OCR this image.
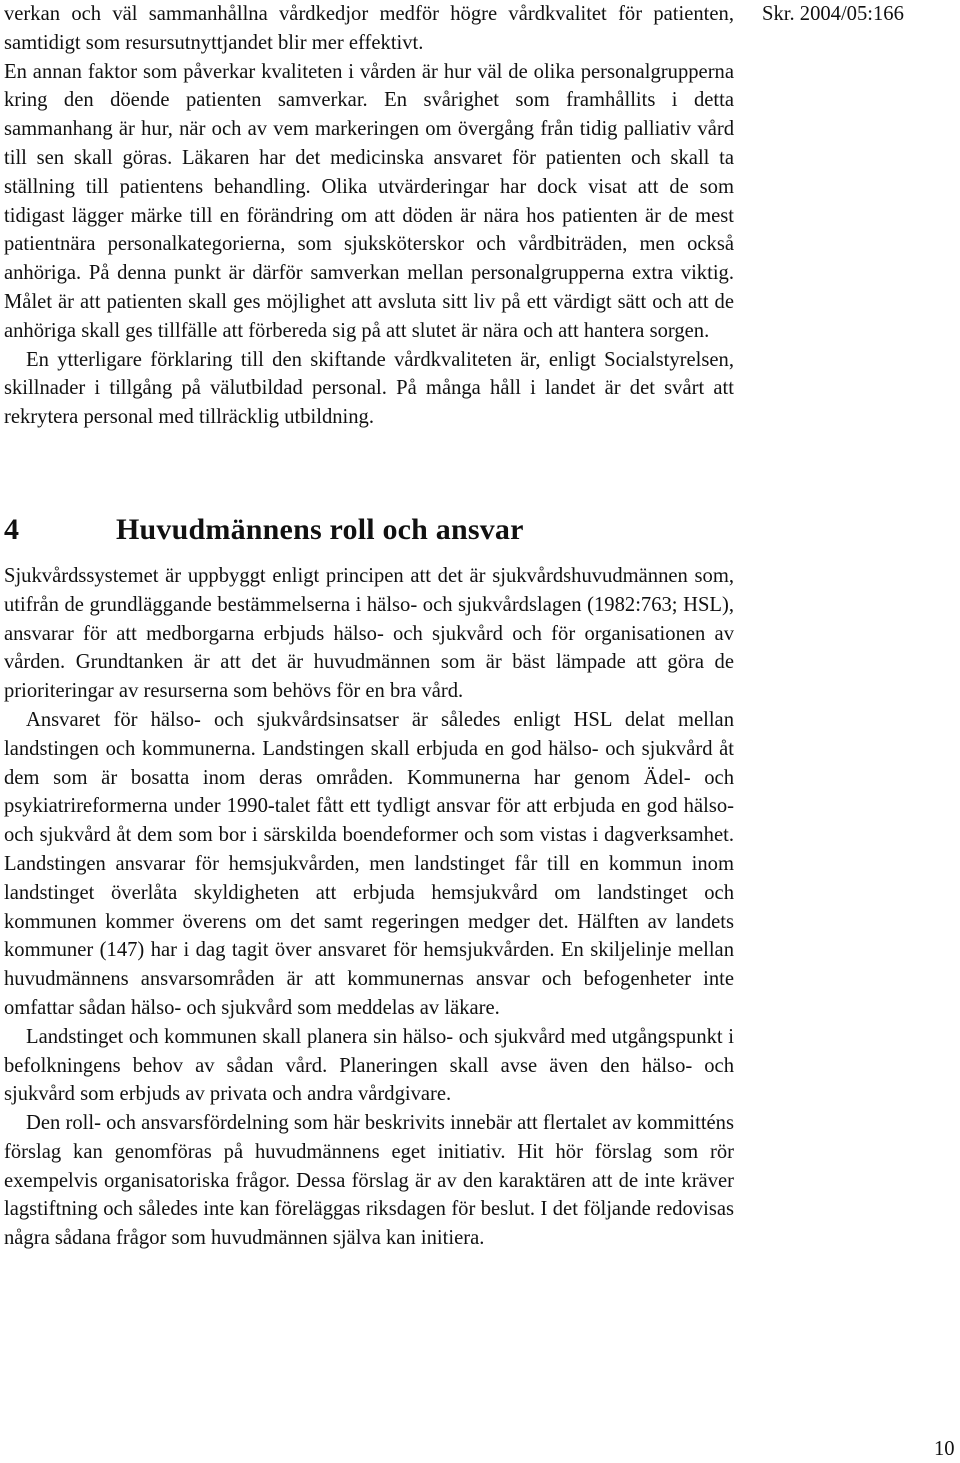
Skr. 2004/05:166

verkan och väl sammanhållna vårdkedjor medför högre vårdkvalitet för patienten, samtidigt som resursutnyttjandet blir mer effektivt.

En annan faktor som påverkar kvaliteten i vården är hur väl de olika personalgrupperna kring den döende patienten samverkar. En svårighet som framhållits i detta sammanhang är hur, när och av vem markeringen om övergång från tidig palliativ vård till sen skall göras. Läkaren har det medicinska ansvaret för patienten och skall ta ställning till patientens behandling. Olika utvärderingar har dock visat att de som tidigast lägger märke till en förändring om att döden är nära hos patienten är de mest patientnära personalkategorierna, som sjuksköterskor och vårdbiträden, men också anhöriga. På denna punkt är därför samverkan mellan personalgrupperna extra viktig. Målet är att patienten skall ges möjlighet att avsluta sitt liv på ett värdigt sätt och att de anhöriga skall ges tillfälle att förbereda sig på att slutet är nära och att hantera sorgen.

En ytterligare förklaring till den skiftande vårdkvaliteten är, enligt Socialstyrelsen, skillnader i tillgång på välutbildad personal. På många håll i landet är det svårt att rekrytera personal med tillräcklig utbildning.

4	Huvudmännens roll och ansvar

Sjukvårdssystemet är uppbyggt enligt principen att det är sjukvårdshuvudmännen som, utifrån de grundläggande bestämmelserna i hälso- och sjukvårdslagen (1982:763; HSL), ansvarar för att medborgarna erbjuds hälso- och sjukvård och för organisationen av vården. Grundtanken är att det är huvudmännen som är bäst lämpade att göra de prioriteringar av resurserna som behövs för en bra vård.

Ansvaret för hälso- och sjukvårdsinsatser är således enligt HSL delat mellan landstingen och kommunerna. Landstingen skall erbjuda en god hälso- och sjukvård åt dem som är bosatta inom deras områden. Kommunerna har genom Ädel- och psykiatrireformerna under 1990-talet fått ett tydligt ansvar för att erbjuda en god hälso- och sjukvård åt dem som bor i särskilda boendeformer och som vistas i dagverksamhet. Landstingen ansvarar för hemsjukvården, men landstinget får till en kommun inom landstinget överlåta skyldigheten att erbjuda hemsjukvård om landstinget och kommunen kommer överens om det samt regeringen medger det. Hälften av landets kommuner (147) har i dag tagit över ansvaret för hemsjukvården. En skiljelinje mellan huvudmännens ansvarsområden är att kommunernas ansvar och befogenheter inte omfattar sådan hälso- och sjukvård som meddelas av läkare.

Landstinget och kommunen skall planera sin hälso- och sjukvård med utgångspunkt i befolkningens behov av sådan vård. Planeringen skall avse även den hälso- och sjukvård som erbjuds av privata och andra vårdgivare.

Den roll- och ansvarsfördelning som här beskrivits innebär att flertalet av kommitténs förslag kan genomföras på huvudmännens eget initiativ. Hit hör förslag som rör exempelvis organisatoriska frågor. Dessa förslag är av den karaktären att de inte kräver lagstiftning och således inte kan föreläggas riksdagen för beslut. I det följande redovisas några sådana frågor som huvudmännen själva kan initiera.

10
